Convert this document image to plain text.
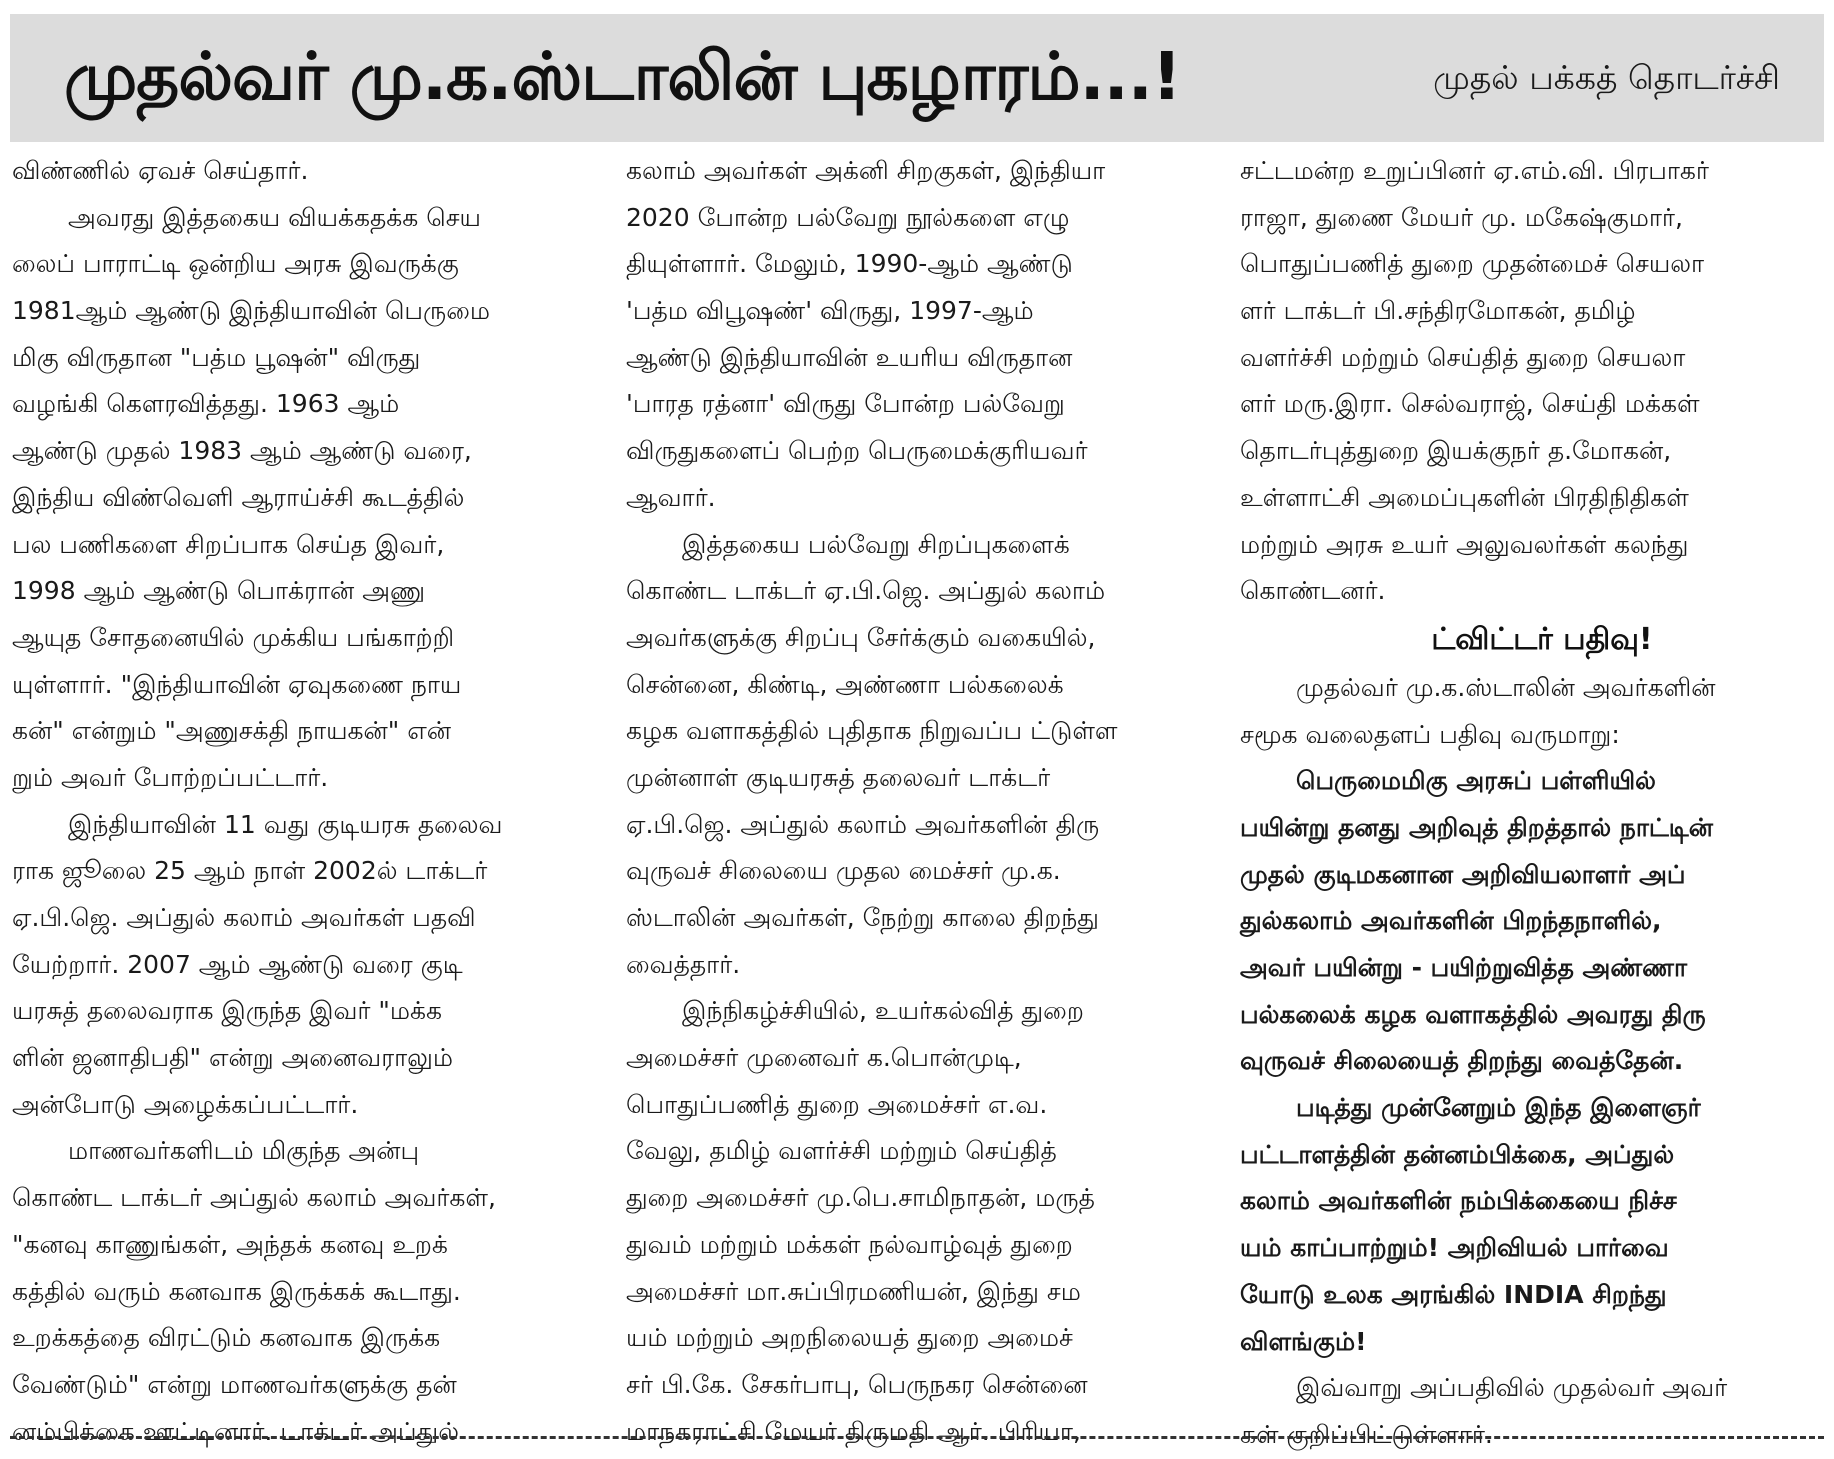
முதல்வர் மு.க.ஸ்டாலின் புகழாரம்...!	முதல் பக்கத் தொடர்ச்சி
விண்ணில் ஏவச் செய்தார்.
அவரது இத்தகைய வியக்கதக்க செய
லைப் பாராட்டி ஒன்றிய அரசு இவருக்கு
1981ஆம் ஆண்டு இந்தியாவின் பெருமை
மிகு விருதான "பத்ம பூஷன்" விருது
வழங்கி கௌரவித்தது. 1963 ஆம்
ஆண்டு முதல் 1983 ஆம் ஆண்டு வரை,
இந்திய விண்வெளி ஆராய்ச்சி கூடத்தில்
பல பணிகளை சிறப்பாக செய்த இவர்,
1998 ஆம் ஆண்டு பொக்ரான் அணு
ஆயுத சோதனையில் முக்கிய பங்காற்றி
யுள்ளார். "இந்தியாவின் ஏவுகணை நாய
கன்" என்றும் "அணுசக்தி நாயகன்" என்
றும் அவர் போற்றப்பட்டார்.
இந்தியாவின் 11 வது குடியரசு தலைவ
ராக ஜூலை 25 ஆம் நாள் 2002ல் டாக்டர்
ஏ.பி.ஜெ. அப்துல் கலாம் அவர்கள் பதவி
யேற்றார். 2007 ஆம் ஆண்டு வரை குடி
யரசுத் தலைவராக இருந்த இவர் "மக்க
ளின் ஜனாதிபதி" என்று அனைவராலும்
அன்போடு அழைக்கப்பட்டார்.
மாணவர்களிடம் மிகுந்த அன்பு
கொண்ட டாக்டர் அப்துல் கலாம் அவர்கள்,
"கனவு காணுங்கள், அந்தக் கனவு உறக்
கத்தில் வரும் கனவாக இருக்கக் கூடாது.
உறக்கத்தை விரட்டும் கனவாக இருக்க
வேண்டும்" என்று மாணவர்களுக்கு தன்
னம்பிக்கை ஊட்டினார். டாக்டர் அப்துல்
கலாம் அவர்கள் அக்னி சிறகுகள், இந்தியா
2020 போன்ற பல்வேறு நூல்களை எழு
தியுள்ளார். மேலும், 1990-ஆம் ஆண்டு
'பத்ம விபூஷண்' விருது, 1997-ஆம்
ஆண்டு இந்தியாவின் உயரிய விருதான
'பாரத ரத்னா' விருது போன்ற பல்வேறு
விருதுகளைப் பெற்ற பெருமைக்குரியவர்
ஆவார்.
இத்தகைய பல்வேறு சிறப்புகளைக்
கொண்ட டாக்டர் ஏ.பி.ஜெ. அப்துல் கலாம்
அவர்களுக்கு சிறப்பு சேர்க்கும் வகையில்,
சென்னை, கிண்டி, அண்ணா பல்கலைக்
கழக வளாகத்தில் புதிதாக நிறுவப்ப ட்டுள்ள
முன்னாள் குடியரசுத் தலைவர் டாக்டர்
ஏ.பி.ஜெ. அப்துல் கலாம் அவர்களின் திரு
வுருவச் சிலையை முதல மைச்சர் மு.க.
ஸ்டாலின் அவர்கள், நேற்று காலை திறந்து
வைத்தார்.
இந்நிகழ்ச்சியில், உயர்கல்வித் துறை
அமைச்சர் முனைவர் க.பொன்முடி,
பொதுப்பணித் துறை அமைச்சர் எ.வ.
வேலு, தமிழ் வளர்ச்சி மற்றும் செய்தித்
துறை அமைச்சர் மு.பெ.சாமிநாதன், மருத்
துவம் மற்றும் மக்கள் நல்வாழ்வுத் துறை
அமைச்சர் மா.சுப்பிரமணியன், இந்து சம
யம் மற்றும் அறநிலையத் துறை அமைச்
சர் பி.கே. சேகர்பாபு, பெருநகர சென்னை
மாநகராட்சி மேயர் திருமதி ஆர். பிரியா,
சட்டமன்ற உறுப்பினர் ஏ.எம்.வி. பிரபாகர்
ராஜா, துணை மேயர் மு. மகேஷ்குமார்,
பொதுப்பணித் துறை முதன்மைச் செயலா
ளர் டாக்டர் பி.சந்திரமோகன், தமிழ்
வளர்ச்சி மற்றும் செய்தித் துறை செயலா
ளர் மரு.இரா. செல்வராஜ், செய்தி மக்கள்
தொடர்புத்துறை இயக்குநர் த.மோகன்,
உள்ளாட்சி அமைப்புகளின் பிரதிநிதிகள்
மற்றும் அரசு உயர் அலுவலர்கள் கலந்து
கொண்டனர்.
ட்விட்டர் பதிவு!
முதல்வர் மு.க.ஸ்டாலின் அவர்களின்
சமூக வலைதளப் பதிவு வருமாறு:
பெருமைமிகு அரசுப் பள்ளியில்
பயின்று தனது அறிவுத் திறத்தால் நாட்டின்
முதல் குடிமகனான அறிவியலாளர் அப்
துல்கலாம் அவர்களின் பிறந்தநாளில்,
அவர் பயின்று - பயிற்றுவித்த அண்ணா
பல்கலைக் கழக வளாகத்தில் அவரது திரு
வுருவச் சிலையைத் திறந்து வைத்தேன்.
படித்து முன்னேறும் இந்த இளைஞர்
பட்டாளத்தின் தன்னம்பிக்கை, அப்துல்
கலாம் அவர்களின் நம்பிக்கையை நிச்ச
யம் காப்பாற்றும்! அறிவியல் பார்வை
யோடு உலக அரங்கில் INDIA சிறந்து
விளங்கும்!
இவ்வாறு அப்பதிவில் முதல்வர் அவர்
கள் குறிப்பிட்டுள்ளார்.
